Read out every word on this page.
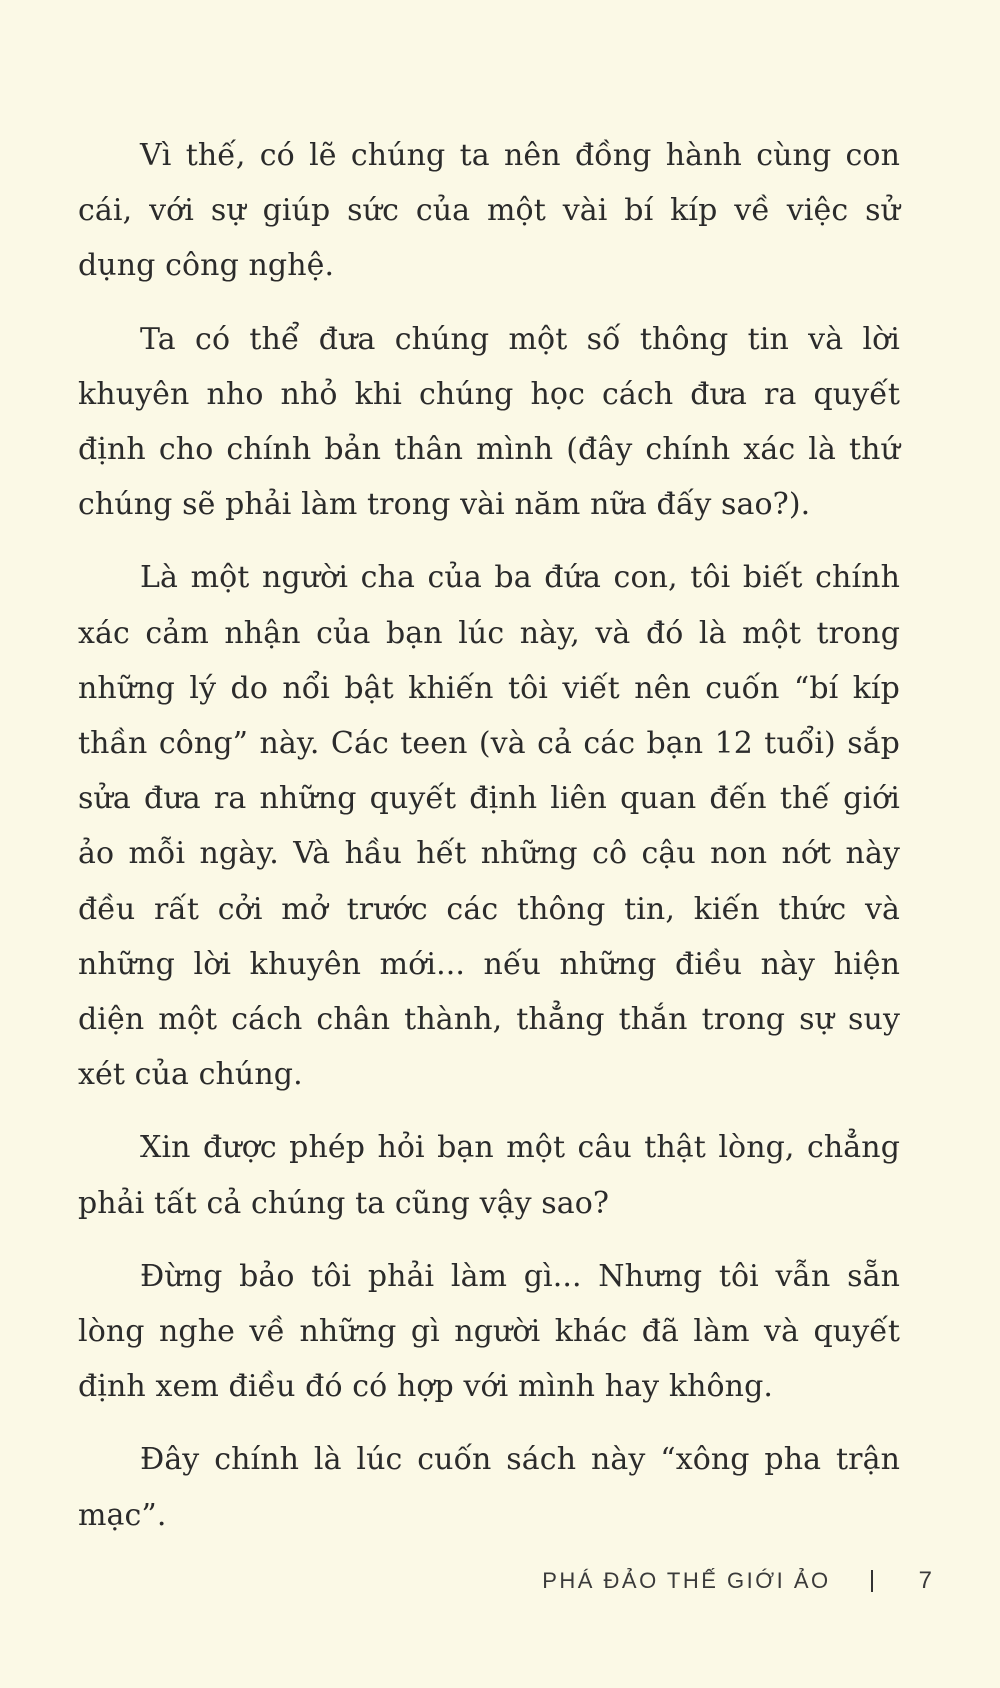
Vì thế, có lẽ chúng ta nên đồng hành cùng con cái, với sự giúp sức của một vài bí kíp về việc sử dụng công nghệ.

Ta có thể đưa chúng một số thông tin và lời khuyên nho nhỏ khi chúng học cách đưa ra quyết định cho chính bản thân mình (đây chính xác là thứ chúng sẽ phải làm trong vài năm nữa đấy sao?).

Là một người cha của ba đứa con, tôi biết chính xác cảm nhận của bạn lúc này, và đó là một trong những lý do nổi bật khiến tôi viết nên cuốn “bí kíp thần công” này. Các teen (và cả các bạn 12 tuổi) sắp sửa đưa ra những quyết định liên quan đến thế giới ảo mỗi ngày. Và hầu hết những cô cậu non nớt này đều rất cởi mở trước các thông tin, kiến thức và những lời khuyên mới... nếu những điều này hiện diện một cách chân thành, thẳng thắn trong sự suy xét của chúng.

Xin được phép hỏi bạn một câu thật lòng, chẳng phải tất cả chúng ta cũng vậy sao?

Đừng bảo tôi phải làm gì... Nhưng tôi vẫn sẵn lòng nghe về những gì người khác đã làm và quyết định xem điều đó có hợp với mình hay không.

Đây chính là lúc cuốn sách này “xông pha trận mạc”.

PHÁ ĐẢO THẾ GIỚI ẢO	7
